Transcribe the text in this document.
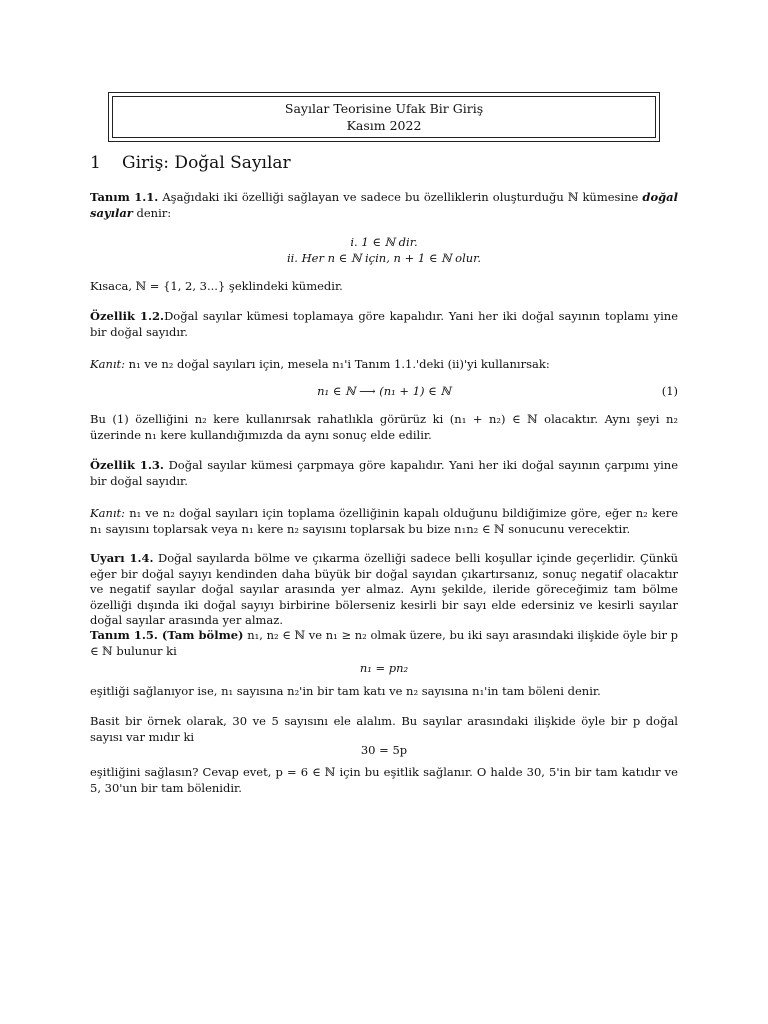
Sayılar Teorisine Ufak Bir Giriş
Kasım 2022
1 Giriş: Doğal Sayılar
Tanım 1.1. Aşağıdaki iki özelliği sağlayan ve sadece bu özelliklerin oluşturduğu ℕ kümesine doğal sayılar denir:
i. 1 ∈ ℕ dir.
ii. Her n ∈ ℕ için, n + 1 ∈ ℕ olur.
Kısaca, ℕ = {1, 2, 3...} şeklindeki kümedir.
Özellik 1.2.Doğal sayılar kümesi toplamaya göre kapalıdır. Yani her iki doğal sayının toplamı yine bir doğal sayıdır.
Kanıt: n₁ ve n₂ doğal sayıları için, mesela n₁'i Tanım 1.1.'deki (ii)'yi kullanırsak:
n₁ ∈ ℕ ⟶ (n₁ + 1) ∈ ℕ	(1)
Bu (1) özelliğini n₂ kere kullanırsak rahatlıkla görürüz ki (n₁ + n₂) ∈ ℕ olacaktır. Aynı şeyi n₂ üzerinde n₁ kere kullandığımızda da aynı sonuç elde edilir.
Özellik 1.3. Doğal sayılar kümesi çarpmaya göre kapalıdır. Yani her iki doğal sayının çarpımı yine bir doğal sayıdır.
Kanıt: n₁ ve n₂ doğal sayıları için toplama özelliğinin kapalı olduğunu bildiğimize göre, eğer n₂ kere n₁ sayısını toplarsak veya n₁ kere n₂ sayısını toplarsak bu bize n₁n₂ ∈ ℕ sonucunu verecektir.
Uyarı 1.4. Doğal sayılarda bölme ve çıkarma özelliği sadece belli koşullar içinde geçerlidir. Çünkü eğer bir doğal sayıyı kendinden daha büyük bir doğal sayıdan çıkartırsanız, sonuç negatif olacaktır ve negatif sayılar doğal sayılar arasında yer almaz. Aynı şekilde, ileride göreceğimiz tam bölme özelliği dışında iki doğal sayıyı birbirine bölerseniz kesirli bir sayı elde edersiniz ve kesirli sayılar doğal sayılar arasında yer almaz.
Tanım 1.5. (Tam bölme) n₁, n₂ ∈ ℕ ve n₁ ≥ n₂ olmak üzere, bu iki sayı arasındaki ilişkide öyle bir p ∈ ℕ bulunur ki
n₁ = pn₂
eşitliği sağlanıyor ise, n₁ sayısına n₂'in bir tam katı ve n₂ sayısına n₁'in tam böleni denir.
Basit bir örnek olarak, 30 ve 5 sayısını ele alalım. Bu sayılar arasındaki ilişkide öyle bir p doğal sayısı var mıdır ki
30 = 5p
eşitliğini sağlasın? Cevap evet, p = 6 ∈ ℕ için bu eşitlik sağlanır. O halde 30, 5'in bir tam katıdır ve 5, 30'un bir tam bölenidir.
